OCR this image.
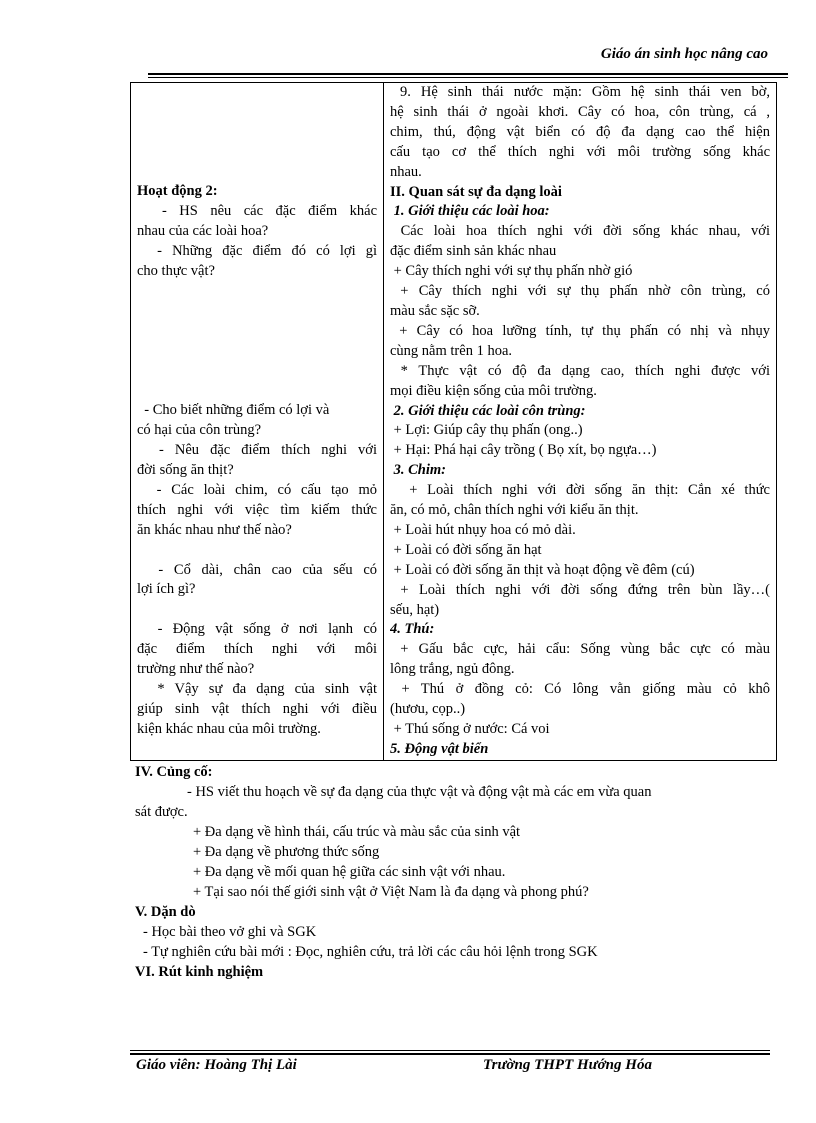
Giáo án sinh học nâng cao
Hoạt động 2:
- HS nêu các đặc điểm khác
nhau của các loài hoa?
- Những đặc điểm đó có lợi gì
cho thực vật?
- Cho biết những điểm có lợi và
có hại của côn trùng?
- Nêu đặc điểm thích nghi với
đời sống ăn thịt?
- Các loài chim, có cấu tạo mỏ
thích nghi với việc tìm kiếm thức
ăn khác nhau như thế nào?
- Cổ dài, chân cao của sếu có
lợi ích gì?
- Động vật sống ở nơi lạnh có
đặc điểm thích nghi với môi
trường như thế nào?
* Vậy sự đa dạng của sinh vật
giúp sinh vật thích nghi với điều
kiện khác nhau của môi trường.

9. Hệ sinh thái nước mặn: Gồm hệ sinh thái ven bờ,
hệ sinh thái ở ngoài khơi. Cây có hoa, côn trùng, cá ,
chim, thú, động vật biển có độ đa dạng cao thể hiện
cấu tạo cơ thể thích nghi với môi trường sống khác
nhau.
II. Quan sát sự đa dạng loài
1. Giới thiệu các loài hoa:
Các loài hoa thích nghi với đời sống khác nhau, với
đặc điểm sinh sản khác nhau
+ Cây thích nghi với sự thụ phấn nhờ gió
+ Cây thích nghi với sự thụ phấn nhờ côn trùng, có
màu sắc sặc sỡ.
+ Cây có hoa lưỡng tính, tự thụ phấn có nhị và nhụy
cùng nằm trên 1 hoa.
* Thực vật có độ đa dạng cao, thích nghi được với
mọi điều kiện sống của môi trường.
2. Giới thiệu các loài côn trùng:
+ Lợi: Giúp cây thụ phấn (ong..)
+ Hại: Phá hại cây trồng ( Bọ xít, bọ ngựa…)
3. Chim:
+ Loài thích nghi với đời sống ăn thịt: Cắn xé thức
ăn, có mỏ, chân thích nghi với kiểu ăn thịt.
+ Loài hút nhụy hoa có mỏ dài.
+ Loài có đời sống ăn hạt
+ Loài có đời sống ăn thịt và hoạt động về đêm (cú)
+ Loài thích nghi với đời sống đứng trên bùn lầy…(
sếu, hạt)
4. Thú:
+ Gấu bắc cực, hải cẩu: Sống vùng bắc cực có màu
lông trắng, ngủ đông.
+ Thú ở đồng cỏ: Có lông vằn giống màu cỏ khô
(hươu, cọp..)
+ Thú sống ở nước: Cá voi
5. Động vật biển
IV. Củng cố:
- HS viết thu hoạch về sự đa dạng của thực vật và động vật mà các em vừa quan
sát được.
+ Đa dạng về hình thái, cấu trúc và màu sắc của sinh vật
+ Đa dạng về phương thức sống
+ Đa dạng về mối quan hệ giữa các sinh vật với nhau.
+ Tại sao nói thế giới sinh vật ở Việt Nam là đa dạng và phong phú?
V. Dặn dò
- Học bài theo vở ghi và SGK
- Tự nghiên cứu bài mới : Đọc, nghiên cứu, trả lời các câu hỏi lệnh trong SGK
VI. Rút kinh nghiệm
Giáo viên: Hoàng Thị Lài	Trường THPT Hướng Hóa
